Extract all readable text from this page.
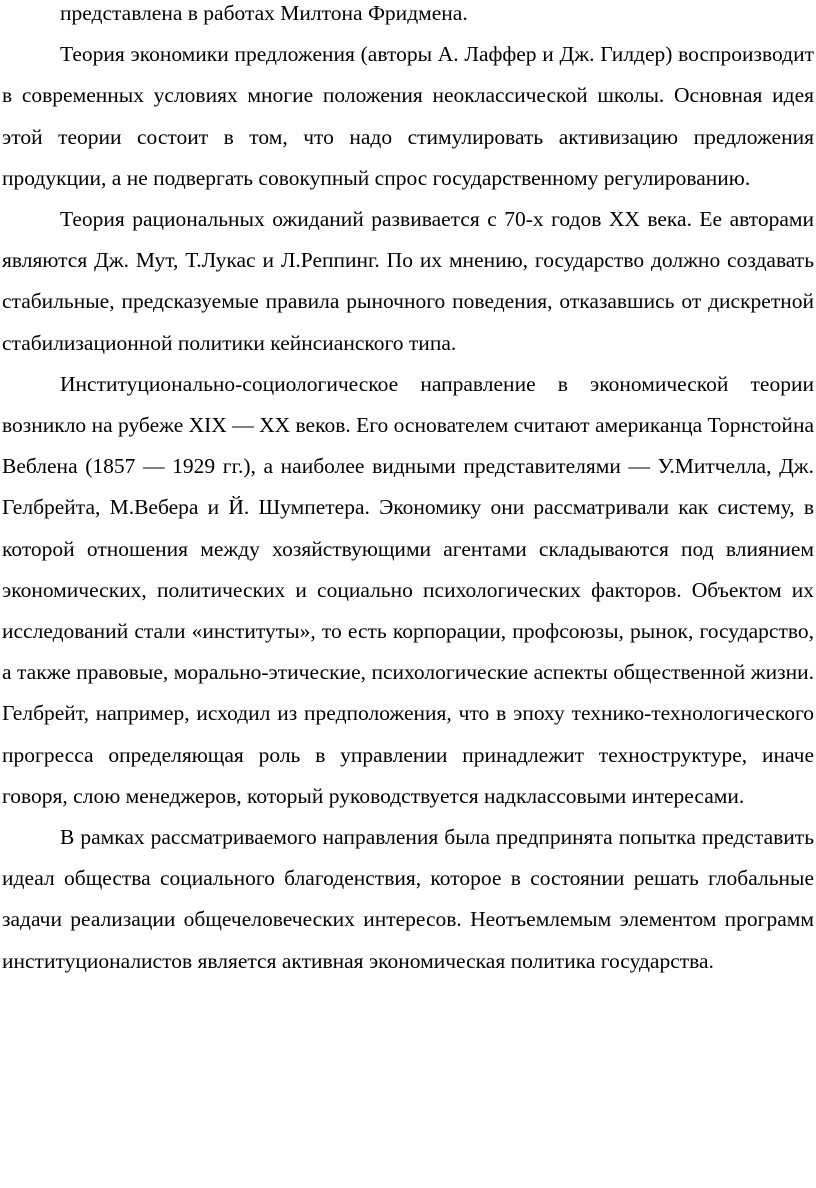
представлена в работах Милтона Фридмена.

Теория экономики предложения (авторы А. Лаффер и Дж. Гилдер) воспроизводит в современных условиях многие положения неоклассической школы. Основная идея этой теории состоит в том, что надо стимулировать активизацию предложения продукции, а не подвергать совокупный спрос государственному регулированию.

Теория рациональных ожиданий развивается с 70-х годов XX века. Ее авторами являются Дж. Мут, Т.Лукас и Л.Реппинг. По их мнению, государство должно создавать стабильные, предсказуемые правила рыночного поведения, отказавшись от дискретной стабилизационной политики кейнсианского типа.

Институционально-социологическое направление в экономической теории возникло на рубеже XIX — XX веков. Его основателем считают американца Торнстойна Веблена (1857 — 1929 гг.), а наиболее видными представителями — У.Митчелла, Дж. Гелбрейта, М.Вебера и Й. Шумпетера. Экономику они рассматривали как систему, в которой отношения между хозяйствующими агентами складываются под влиянием экономических, политических и социально психологических факторов. Объектом их исследований стали «институты», то есть корпорации, профсоюзы, рынок, государство, а также правовые, морально-этические, психологические аспекты общественной жизни. Гелбрейт, например, исходил из предположения, что в эпоху технико-технологического прогресса определяющая роль в управлении принадлежит техноструктуре, иначе говоря, слою менеджеров, который руководствуется надклассовыми интересами.

В рамках рассматриваемого направления была предпринята попытка представить идеал общества социального благоденствия, которое в состоянии решать глобальные задачи реализации общечеловеческих интересов. Неотъемлемым элементом программ институционалистов является активная экономическая политика государства.
